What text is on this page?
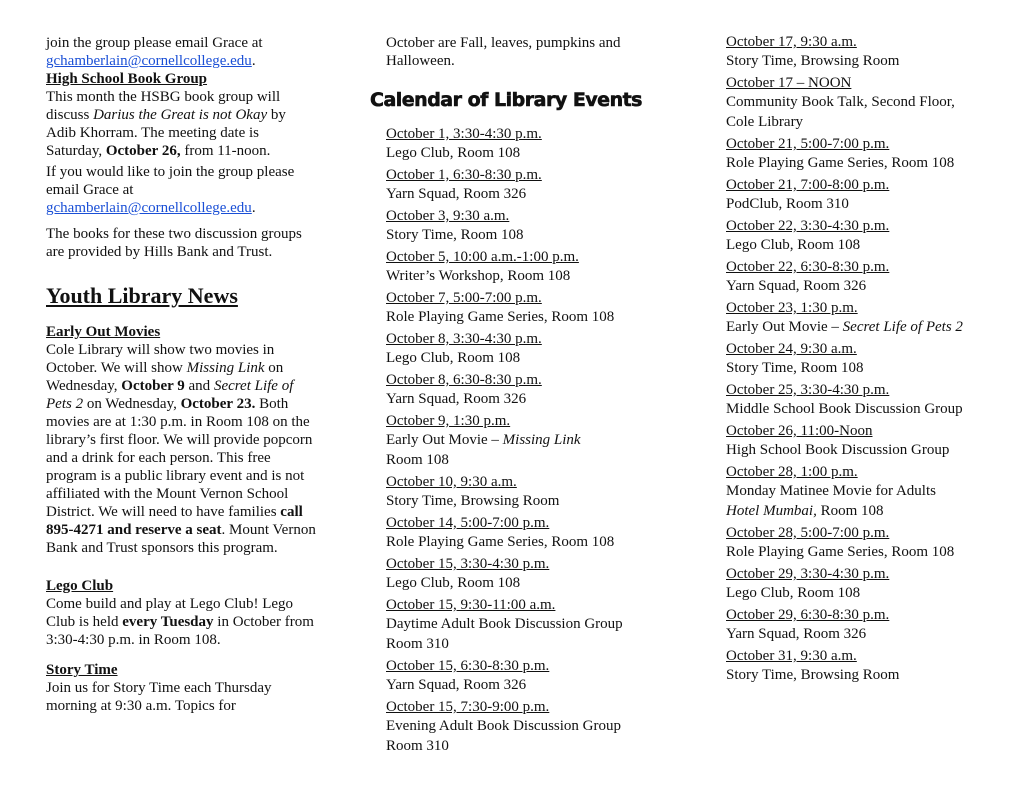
join the group please email Grace at

gchamberlain@cornellcollege.edu.

High School Book Group

This month the HSBG book group will discuss Darius the Great is not Okay by Adib Khorram. The meeting date is Saturday, October 26, from 11-noon.

If you would like to join the group please email Grace at

gchamberlain@cornellcollege.edu.

The books for these two discussion groups are provided by Hills Bank and Trust.

Youth Library News

Early Out Movies

Cole Library will show two movies in October. We will show Missing Link on Wednesday, October 9 and Secret Life of Pets 2 on Wednesday, October 23. Both movies are at 1:30 p.m. in Room 108 on the library’s first floor. We will provide popcorn and a drink for each person. This free program is a public library event and is not affiliated with the Mount Vernon School District. We will need to have families call 895-4271 and reserve a seat. Mount Vernon Bank and Trust sponsors this program.

Lego Club

Come build and play at Lego Club! Lego Club is held every Tuesday in October from 3:30-4:30 p.m. in Room 108.

Story Time

Join us for Story Time each Thursday morning at 9:30 a.m. Topics for

October are Fall, leaves, pumpkins and Halloween.

Calendar of Library Events

October 1, 3:30-4:30 p.m.
Lego Club, Room 108
October 1, 6:30-8:30 p.m.
Yarn Squad, Room 326
October 3, 9:30 a.m.
Story Time, Room 108
October 5, 10:00 a.m.-1:00 p.m.
Writer’s Workshop, Room 108
October 7, 5:00-7:00 p.m.
Role Playing Game Series, Room 108
October 8, 3:30-4:30 p.m.
Lego Club, Room 108
October 8, 6:30-8:30 p.m.
Yarn Squad, Room 326
October 9, 1:30 p.m.
Early Out Movie – Missing Link
Room 108
October 10, 9:30 a.m.
Story Time, Browsing Room
October 14, 5:00-7:00 p.m.
Role Playing Game Series, Room 108
October 15, 3:30-4:30 p.m.
Lego Club, Room 108
October 15, 9:30-11:00 a.m.
Daytime Adult Book Discussion Group
Room 310
October 15, 6:30-8:30 p.m.
Yarn Squad, Room 326
October 15, 7:30-9:00 p.m.
Evening Adult Book Discussion Group
Room 310
October 17, 9:30 a.m.
Story Time, Browsing Room
October 17 – NOON
Community Book Talk, Second Floor,
Cole Library
October 21, 5:00-7:00 p.m.
Role Playing Game Series, Room 108
October 21, 7:00-8:00 p.m.
PodClub, Room 310
October 22, 3:30-4:30 p.m.
Lego Club, Room 108
October 22, 6:30-8:30 p.m.
Yarn Squad, Room 326
October 23, 1:30 p.m.
Early Out Movie – Secret Life of Pets 2
October 24, 9:30 a.m.
Story Time, Room 108
October 25, 3:30-4:30 p.m.
Middle School Book Discussion Group
October 26, 11:00-Noon
High School Book Discussion Group
October 28, 1:00 p.m.
Monday Matinee Movie for Adults
Hotel Mumbai, Room 108
October 28, 5:00-7:00 p.m.
Role Playing Game Series, Room 108
October 29, 3:30-4:30 p.m.
Lego Club, Room 108
October 29, 6:30-8:30 p.m.
Yarn Squad, Room 326
October 31, 9:30 a.m.
Story Time, Browsing Room
